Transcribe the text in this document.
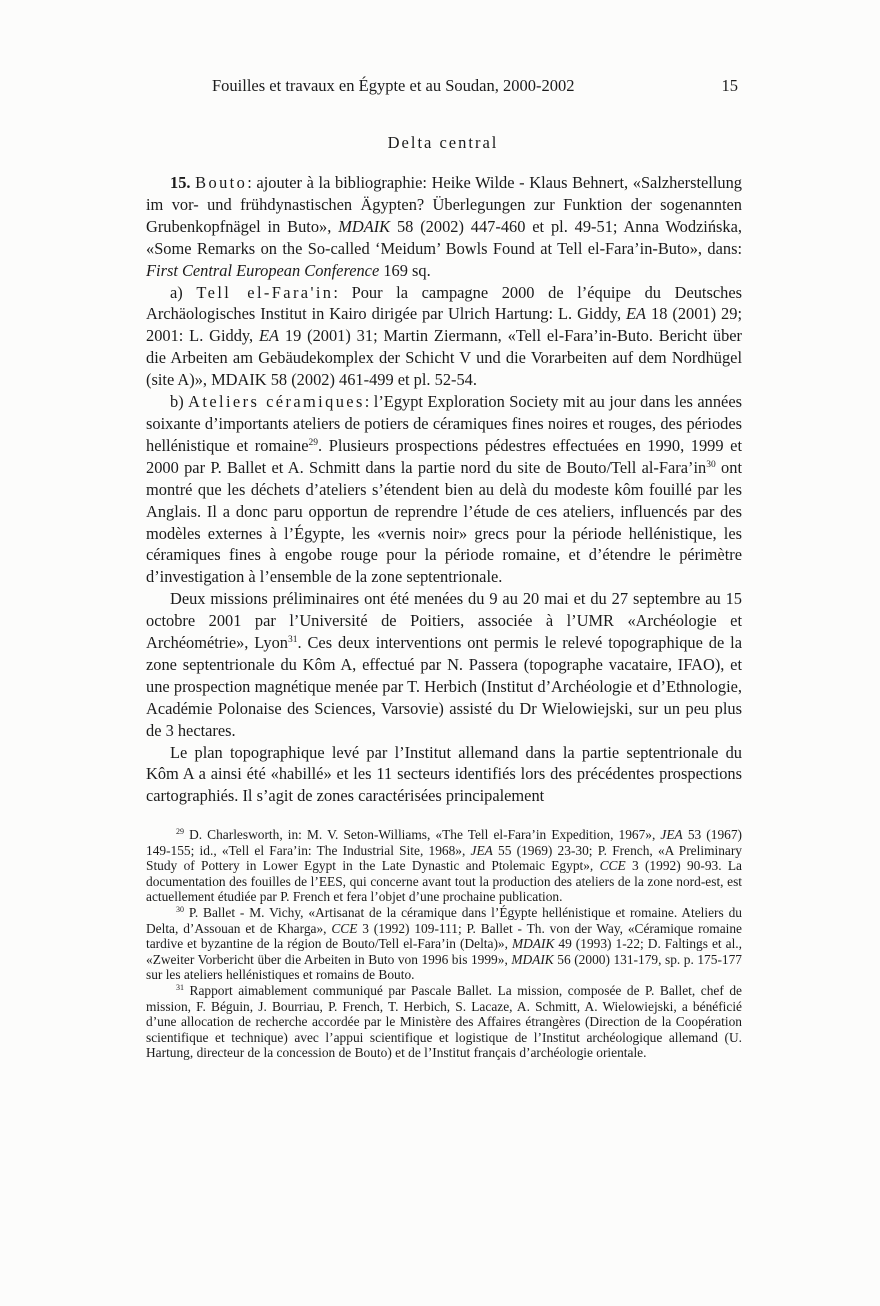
Fouilles et travaux en Égypte et au Soudan, 2000-2002	15
Delta central

15. Bouto: ajouter à la bibliographie: Heike Wilde - Klaus Behnert, «Salzherstellung im vor- und frühdynastischen Ägypten? Überlegungen zur Funktion der sogenannten Grubenkopfnägel in Buto», MDAIK 58 (2002) 447-460 et pl. 49-51; Anna Wodzińska, «Some Remarks on the So-called ‘Meidum’ Bowls Found at Tell el-Fara’in-Buto», dans: First Central European Conference 169 sq.

a) Tell el-Fara'in: Pour la campagne 2000 de l’équipe du Deutsches Archäologisches Institut in Kairo dirigée par Ulrich Hartung: L. Giddy, EA 18 (2001) 29; 2001: L. Giddy, EA 19 (2001) 31; Martin Ziermann, «Tell el-Fara’in-Buto. Bericht über die Arbeiten am Gebäudekomplex der Schicht V und die Vorarbeiten auf dem Nordhügel (site A)», MDAIK 58 (2002) 461-499 et pl. 52-54.

b) Ateliers céramiques: l’Egypt Exploration Society mit au jour dans les années soixante d’importants ateliers de potiers de céramiques fines noires et rouges, des périodes hellénistique et romaine$^{29}$. Plusieurs prospections pédestres effectuées en 1990, 1999 et 2000 par P. Ballet et A. Schmitt dans la partie nord du site de Bouto/Tell $al-Fara’in^{30}$ ont montré que les déchets d’ateliers s’étendent bien au delà du modeste kôm fouillé par les Anglais. Il a donc paru opportun de reprendre l’étude de ces ateliers, influencés par des modèles externes à l’Égypte, les «vernis noir» grecs pour la période hellénistique, les céramiques fines à engobe rouge pour la période romaine, et d’étendre le périmètre d’investigation à l’ensemble de la zone septentrionale.

Deux missions préliminaires ont été menées du 9 au 20 mai et du 27 septembre au 15 octobre 2001 par l’Université de Poitiers, associée à l’UMR «Archéologie et Archéométrie», Lyon$^{31}$. Ces deux interventions ont permis le relevé topographique de la zone septentrionale du Kôm A, effectué par N. Passera (topographe vacataire, IFAO), et une prospection magnétique menée par T. Herbich (Institut d’Archéologie et d’Ethnologie, Académie Polonaise des Sciences, Varsovie) assisté du Dr Wielowiejski, sur un peu plus de 3 hectares.

Le plan topographique levé par l’Institut allemand dans la partie septentrionale du Kôm A a ainsi été «habillé» et les 11 secteurs identifiés lors des précédentes prospections cartographiés. Il s’agit de zones caractérisées principalement

$^{29}$ D. Charlesworth, in: M. V. Seton-Williams, «The Tell el-Fara’in Expedition, 1967», JEA 53 (1967) 149-155; id., «Tell el Fara’in: The Industrial Site, 1968», JEA 55 (1969) 23-30; P. French, «A Preliminary Study of Pottery in Lower Egypt in the Late Dynastic and Ptolemaic Egypt», CCE 3 (1992) 90-93. La documentation des fouilles de l’EES, qui concerne avant tout la production des ateliers de la zone nord-est, est actuellement étudiée par P. French et fera l’objet d’une prochaine publication.

$^{30}$ P. Ballet - M. Vichy, «Artisanat de la céramique dans l’Égypte hellénistique et romaine. Ateliers du Delta, d’Assouan et de Kharga», CCE 3 (1992) 109-111; P. Ballet - Th. von der Way, «Céramique romaine tardive et byzantine de la région de Bouto/Tell el-Fara’in (Delta)», MDAIK 49 (1993) 1-22; D. Faltings et al., «Zweiter Vorbericht über die Arbeiten in Buto von 1996 bis 1999», MDAIK 56 (2000) 131-179, sp. p. 175-177 sur les ateliers hellénistiques et romains de Bouto.

$^{31}$ Rapport aimablement communiqué par Pascale Ballet. La mission, composée de P. Ballet, chef de mission, F. Béguin, J. Bourriau, P. French, T. Herbich, S. Lacaze, A. Schmitt, A. Wielowiejski, a bénéficié d’une allocation de recherche accordée par le Ministère des Affaires étrangères (Direction de la Coopération scientifique et technique) avec l’appui scientifique et logistique de l’Institut archéologique allemand (U. Hartung, directeur de la concession de Bouto) et de l’Institut français d’archéologie orientale.
